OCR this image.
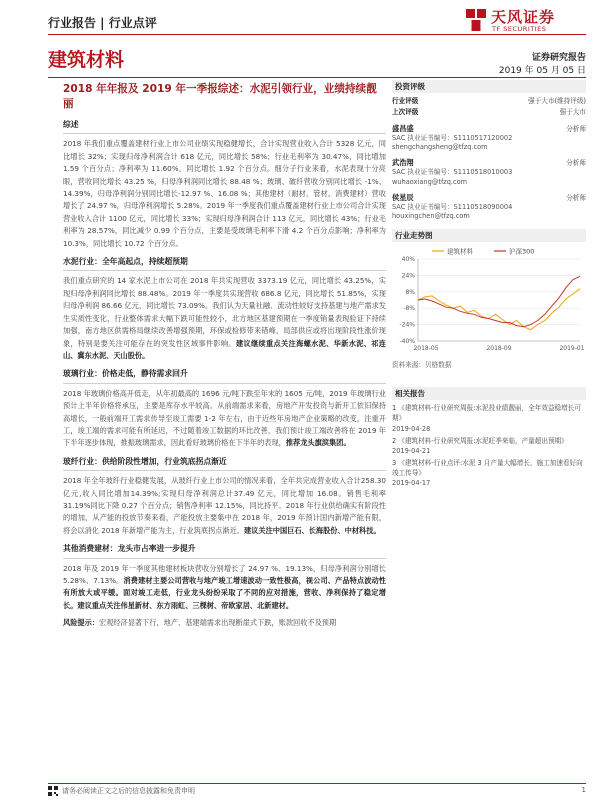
行业报告 | 行业点评	天风证券
TF SECURITIES
建筑材料	证券研究报告
2019 年 05 月 05 日
2018 年年报及 2019 年一季报综述：水泥引领行业，业绩持续靓丽
综述

2018 年我们重点覆盖建材行业上市公司业绩实现稳健增长，合计实现营业收入合计 5328 亿元，同比增长 32%；实现归母净利润合计 618 亿元，同比增长 58%；行业毛利率为 30.47%，同比增加 1.59 个百分点；净利率为 11.60%，同比增长 1.92 个百分点。细分子行业来看，水泥表现十分亮眼，营收同比增长 43.25 %，归母净利润同比增长 88.48 %；玻璃、破纤营收分别同比增长 -1%、14.39%，归母净利润分别同比增长-12.97 %、16.08 %；其他建材（耐材、管材、消费建材）营收增长了 24.97 %，归母净利润增长 5.28%。2019 年一季度我们重点覆盖建材行业上市公司合计实现营业收入合计 1100 亿元，同比增长 33%；实现归母净利润合计 113 亿元，同比增长 43%；行业毛利率为 28.57%，同比减少 0.99 个百分点，主要是受玻璃毛利率下滑 4.2 个百分点影响；净利率为 10.3%，同比增长 10.72 个百分点。

水泥行业：全年高起点，持续超预期

我们重点研究的 14 家水泥上市公司在 2018 年共实现营收 3373.19 亿元，同比增长 43.25%，实现归母净利润同比增长 88.48%。2019 年一季度共实现营收 686.8 亿元，同比增长 51.85%，实现归母净利润 86.66 亿元，同比增长 73.09%。我们认为天量社融、流动性较好支持基建与地产需求发生实质性变化，行业整体需求大幅下跌可能性较小，北方地区基建预期在一季度销量表现验证下持续加强，南方地区供需格局继续改善增强预期，环保或检修带来错峰，局部供应或将出现阶段性涨价现象，特别是要关注可能存在的突发性区域事件影响。建议继续重点关注海螺水泥、华新水泥、祁连山、冀东水泥、天山股份。

玻璃行业：价格走低，静待需求回升

2018 年玻璃价格高开低走，从年初最高的 1696 元/吨下跌至年末的 1605 元/吨，2019 年玻璃行业预计上半年价格将承压，主要是库存水平较高。从前端需求来看，房地产开发投资与新开工依旧保持高增长，一般前端开工需求传导至竣工需要 1-2 年左右，由于近些年房地产企业策略的改变，注重开工，竣工端的需求可能有所延迟，不过随着竣工数据的环比改善，我们预计竣工端改善将在 2019 年下半年逐步体现，推振玻璃需求，因此看好玻璃价格在下半年的表现，推荐龙头旗滨集团。

玻纤行业：供给阶段性增加，行业筑底拐点渐近

2018 年全年玻纤行业稳健发展，从玻纤行业上市公司的情况来看，全年共完成营业收入合计258.30亿元,收入同比增加14.39%;实现归母净利润总计37.49 亿元，同比增加 16.08。销售毛利率 31.19%同比下降 0.27 个百分点；销售净利率 12.15%，同比持平。2018 年行业供给确实有阶段性的增加，从产能的投放节奏来看，产能投放主要集中在 2018 年，2019 年预计国内新增产能有限，将会以消化 2018 年新增产能为主，行业筑底拐点渐近。建议关注中国巨石、长海股份、中材科技。

其他消费建材：龙头市占率进一步提升

2018 年及 2019 年一季度其他建材板块营收分别增长了 24.97 %、19.13%，归母净利润分别增长 5.28%、7.13%。消费建材主要公司营收与地产竣工增速波动一致性极高，视公司、产品特点波动性有所放大或平缓。面对竣工走低，行业龙头纷纷采取了不同的应对措施，营收、净利保持了稳定增长。建议重点关注伟星新材、东方雨虹、三棵树、帝欧家居、北新建材。

风险提示：宏观经济显著下行，地产、基建端需求出现断崖式下跌，账款回收不及预期

投资评级
行业评级	强于大市(维持评级)
上次评级	强于大市
盛昌盛	分析师
SAC 执业证书编号：S1110517120002
shengchangsheng@tfzq.com
武浩翔	分析师
SAC 执业证书编号：S1110518010003
wuhaoxiang@tfzq.com
侯星辰	分析师
SAC 执业证书编号：S1110518090004
houxingchen@tfzq.com
行业走势图
40%
24%
8%
-8%
-24%
-40%
2018-05	2018-09	2019-01
建筑材料	沪深300
资料来源：贝格数据
相关报告
1 《建筑材料-行业研究周报:水泥投业绩靓丽，全年效益稳增长可期》
2019-04-28
2 《建筑材料-行业研究周报:水泥旺季来临，产量超出预期》
2019-04-21
3 《建筑材料-行业点评:水泥 3 月产量大幅增长，施工加速看好向竣工传导》
2019-04-17
请务必阅读正文之后的信息披露和免责申明	1
